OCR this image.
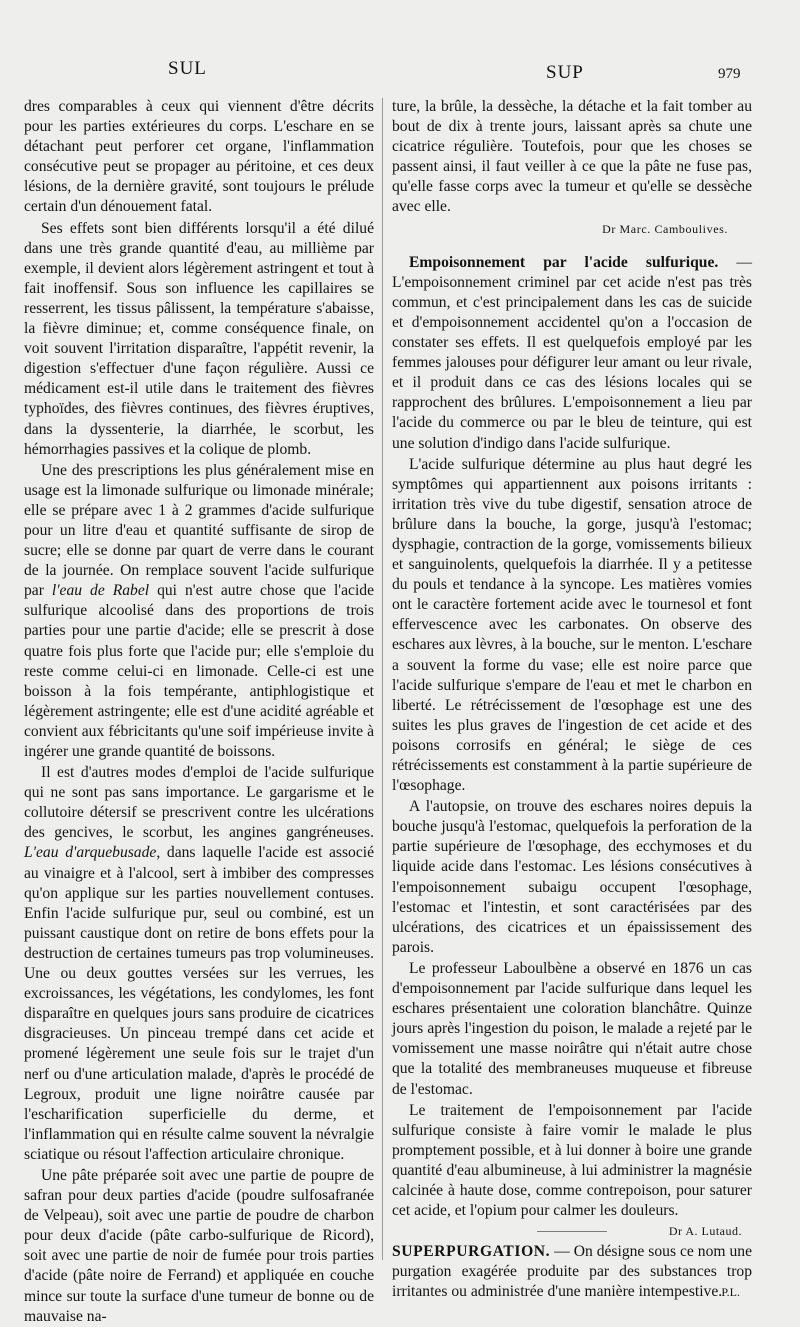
SUL	SUP	979

dres comparables à ceux qui viennent d'être décrits pour les parties extérieures du corps. L'eschare en se détachant peut perforer cet organe, l'inflammation consécutive peut se propager au péritoine, et ces deux lésions, de la dernière gravité, sont toujours le prélude certain d'un dénouement fatal.

Ses effets sont bien différents lorsqu'il a été dilué dans une très grande quantité d'eau, au millième par exemple, il devient alors légèrement astringent et tout à fait inoffensif. Sous son influence les capillaires se resserrent, les tissus pâlissent, la température s'abaisse, la fièvre diminue; et, comme conséquence finale, on voit souvent l'irritation disparaître, l'appétit revenir, la digestion s'effectuer d'une façon régulière. Aussi ce médicament est-il utile dans le traitement des fièvres typhoïdes, des fièvres continues, des fièvres éruptives, dans la dyssenterie, la diarrhée, le scorbut, les hémorrhagies passives et la colique de plomb.

Une des prescriptions les plus généralement mise en usage est la limonade sulfurique ou limonade minérale; elle se prépare avec 1 à 2 grammes d'acide sulfurique pour un litre d'eau et quantité suffisante de sirop de sucre; elle se donne par quart de verre dans le courant de la journée. On remplace souvent l'acide sulfurique par l'eau de Rabel qui n'est autre chose que l'acide sulfurique alcoolisé dans des proportions de trois parties pour une partie d'acide; elle se prescrit à dose quatre fois plus forte que l'acide pur; elle s'emploie du reste comme celui-ci en limonade. Celle-ci est une boisson à la fois tempérante, antiphlogistique et légèrement astringente; elle est d'une acidité agréable et convient aux fébricitants qu'une soif impérieuse invite à ingérer une grande quantité de boissons.

Il est d'autres modes d'emploi de l'acide sulfurique qui ne sont pas sans importance. Le gargarisme et le collutoire détersif se prescrivent contre les ulcérations des gencives, le scorbut, les angines gangréneuses. L'eau d'arquebusade, dans laquelle l'acide est associé au vinaigre et à l'alcool, sert à imbiber des compresses qu'on applique sur les parties nouvellement contuses. Enfin l'acide sulfurique pur, seul ou combiné, est un puissant caustique dont on retire de bons effets pour la destruction de certaines tumeurs pas trop volumineuses. Une ou deux gouttes versées sur les verrues, les excroissances, les végétations, les condylomes, les font disparaître en quelques jours sans produire de cicatrices disgracieuses. Un pinceau trempé dans cet acide et promené légèrement une seule fois sur le trajet d'un nerf ou d'une articulation malade, d'après le procédé de Legroux, produit une ligne noirâtre causée par l'escharification superficielle du derme, et l'inflammation qui en résulte calme souvent la névralgie sciatique ou résout l'affection articulaire chronique.

Une pâte préparée soit avec une partie de poupre de safran pour deux parties d'acide (poudre sulfosafranée de Velpeau), soit avec une partie de poudre de charbon pour deux d'acide (pâte carbo-sulfurique de Ricord), soit avec une partie de noir de fumée pour trois parties d'acide (pâte noire de Ferrand) et appliquée en couche mince sur toute la surface d'une tumeur de bonne ou de mauvaise na-

ture, la brûle, la dessèche, la détache et la fait tomber au bout de dix à trente jours, laissant après sa chute une cicatrice régulière. Toutefois, pour que les choses se passent ainsi, il faut veiller à ce que la pâte ne fuse pas, qu'elle fasse corps avec la tumeur et qu'elle se dessèche avec elle.

Dr Marc. Camboulives.

Empoisonnement par l'acide sulfurique. — L'empoisonnement criminel par cet acide n'est pas très commun, et c'est principalement dans les cas de suicide et d'empoisonnement accidentel qu'on a l'occasion de constater ses effets. Il est quelquefois employé par les femmes jalouses pour défigurer leur amant ou leur rivale, et il produit dans ce cas des lésions locales qui se rapprochent des brûlures. L'empoisonnement a lieu par l'acide du commerce ou par le bleu de teinture, qui est une solution d'indigo dans l'acide sulfurique.

L'acide sulfurique détermine au plus haut degré les symptômes qui appartiennent aux poisons irritants : irritation très vive du tube digestif, sensation atroce de brûlure dans la bouche, la gorge, jusqu'à l'estomac; dysphagie, contraction de la gorge, vomissements bilieux et sanguinolents, quelquefois la diarrhée. Il y a petitesse du pouls et tendance à la syncope. Les matières vomies ont le caractère fortement acide avec le tournesol et font effervescence avec les carbonates. On observe des eschares aux lèvres, à la bouche, sur le menton. L'eschare a souvent la forme du vase; elle est noire parce que l'acide sulfurique s'empare de l'eau et met le charbon en liberté. Le rétrécissement de l'œsophage est une des suites les plus graves de l'ingestion de cet acide et des poisons corrosifs en général; le siège de ces rétrécissements est constamment à la partie supérieure de l'œsophage.

A l'autopsie, on trouve des eschares noires depuis la bouche jusqu'à l'estomac, quelquefois la perforation de la partie supérieure de l'œsophage, des ecchymoses et du liquide acide dans l'estomac. Les lésions consécutives à l'empoisonnement subaigu occupent l'œsophage, l'estomac et l'intestin, et sont caractérisées par des ulcérations, des cicatrices et un épaississement des parois.

Le professeur Laboulbène a observé en 1876 un cas d'empoisonnement par l'acide sulfurique dans lequel les eschares présentaient une coloration blanchâtre. Quinze jours après l'ingestion du poison, le malade a rejeté par le vomissement une masse noirâtre qui n'était autre chose que la totalité des membraneuses muqueuse et fibreuse de l'estomac.

Le traitement de l'empoisonnement par l'acide sulfurique consiste à faire vomir le malade le plus promptement possible, et à lui donner à boire une grande quantité d'eau albumineuse, à lui administrer la magnésie calcinée à haute dose, comme contrepoison, pour saturer cet acide, et l'opium pour calmer les douleurs.
Dr A. Lutaud.

SUPERPURGATION. — On désigne sous ce nom une purgation exagérée produite par des substances trop irritantes ou administrée d'une manière intempestive. P.L.
